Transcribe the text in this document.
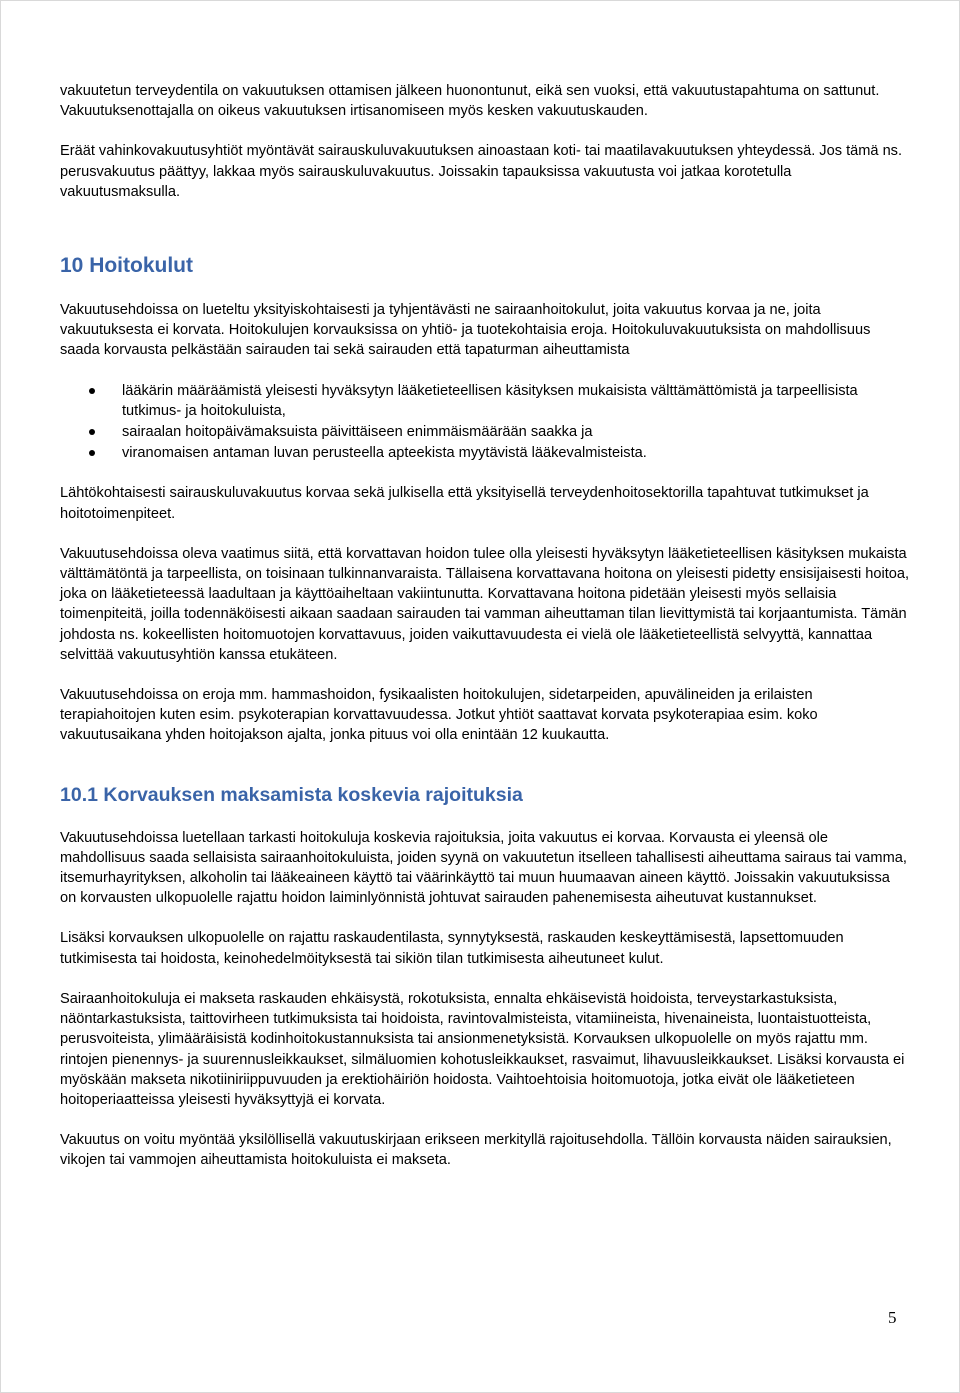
vakuutetun terveydentila on vakuutuksen ottamisen jälkeen huonontunut, eikä sen vuoksi, että vakuutustapahtuma on sattunut. Vakuutuksenottajalla on oikeus vakuutuksen irtisanomiseen myös kesken vakuutuskauden.

Eräät vahinkovakuutusyhtiöt myöntävät sairauskuluvakuutuksen ainoastaan koti- tai maatilavakuutuksen yhteydessä. Jos tämä ns. perusvakuutus päättyy, lakkaa myös sairauskuluvakuutus. Joissakin tapauksissa vakuutusta voi jatkaa korotetulla vakuutusmaksulla.

10 Hoitokulut

Vakuutusehdoissa on lueteltu yksityiskohtaisesti ja tyhjentävästi ne sairaanhoitokulut, joita vakuutus korvaa ja ne, joita vakuutuksesta ei korvata. Hoitokulujen korvauksissa on yhtiö- ja tuotekohtaisia eroja. Hoitokuluvakuutuksista on mahdollisuus saada korvausta pelkästään sairauden tai sekä sairauden että tapaturman aiheuttamista

lääkärin määräämistä yleisesti hyväksytyn lääketieteellisen käsityksen mukaisista välttämättömistä ja tarpeellisista tutkimus- ja hoitokuluista,
sairaalan hoitopäivämaksuista päivittäiseen enimmäismäärään saakka ja
viranomaisen antaman luvan perusteella apteekista myytävistä lääkevalmisteista.

Lähtökohtaisesti sairauskuluvakuutus korvaa sekä julkisella että yksityisellä terveydenhoitosektorilla tapahtuvat tutkimukset ja hoitotoimenpiteet.

Vakuutusehdoissa oleva vaatimus siitä, että korvattavan hoidon tulee olla yleisesti hyväksytyn lääketieteellisen käsityksen mukaista välttämätöntä ja tarpeellista, on toisinaan tulkinnanvaraista. Tällaisena korvattavana hoitona on yleisesti pidetty ensisijaisesti hoitoa, joka on lääketieteessä laadultaan ja käyttöaiheltaan vakiintunutta. Korvattavana hoitona pidetään yleisesti myös sellaisia toimenpiteitä, joilla todennäköisesti aikaan saadaan sairauden tai vamman aiheuttaman tilan lievittymistä tai korjaantumista. Tämän johdosta ns. kokeellisten hoitomuotojen korvattavuus, joiden vaikuttavuudesta ei vielä ole lääketieteellistä selvyyttä, kannattaa selvittää vakuutusyhtiön kanssa etukäteen.

Vakuutusehdoissa on eroja mm. hammashoidon, fysikaalisten hoitokulujen, sidetarpeiden, apuvälineiden ja erilaisten terapiahoitojen kuten esim. psykoterapian korvattavuudessa. Jotkut yhtiöt saattavat korvata psykoterapiaa esim. koko vakuutusaikana yhden hoitojakson ajalta, jonka pituus voi olla enintään 12 kuukautta.

10.1 Korvauksen maksamista koskevia rajoituksia

Vakuutusehdoissa luetellaan tarkasti hoitokuluja koskevia rajoituksia, joita vakuutus ei korvaa. Korvausta ei yleensä ole mahdollisuus saada sellaisista sairaanhoitokuluista, joiden syynä on vakuutetun itselleen tahallisesti aiheuttama sairaus tai vamma, itsemurhayrityksen, alkoholin tai lääkeaineen käyttö tai väärinkäyttö tai muun huumaavan aineen käyttö. Joissakin vakuutuksissa on korvausten ulkopuolelle rajattu hoidon laiminlyönnistä johtuvat sairauden pahenemisesta aiheutuvat kustannukset.

Lisäksi korvauksen ulkopuolelle on rajattu raskaudentilasta, synnytyksestä, raskauden keskeyttämisestä, lapsettomuuden tutkimisesta tai hoidosta, keinohedelmöityksestä tai sikiön tilan tutkimisesta aiheutuneet kulut.

Sairaanhoitokuluja ei makseta raskauden ehkäisystä, rokotuksista, ennalta ehkäisevistä hoidoista, terveystarkastuksista, näöntarkastuksista, taittovirheen tutkimuksista tai hoidoista, ravintovalmisteista, vitamiineista, hivenaineista, luontaistuotteista, perusvoiteista, ylimääräisistä kodinhoitokustannuksista tai ansionmenetyksistä. Korvauksen ulkopuolelle on myös rajattu mm. rintojen pienennys- ja suurennusleikkaukset, silmäluomien kohotusleikkaukset, rasvaimut, lihavuusleikkaukset. Lisäksi korvausta ei myöskään makseta nikotiiniriippuvuuden ja erektiohäiriön hoidosta. Vaihtoehtoisia hoitomuotoja, jotka eivät ole lääketieteen hoitoperiaatteissa yleisesti hyväksyttyjä ei korvata.

Vakuutus on voitu myöntää yksilöllisellä vakuutuskirjaan erikseen merkityllä rajoitusehdolla. Tällöin korvausta näiden sairauksien, vikojen tai vammojen aiheuttamista hoitokuluista ei makseta.

5
